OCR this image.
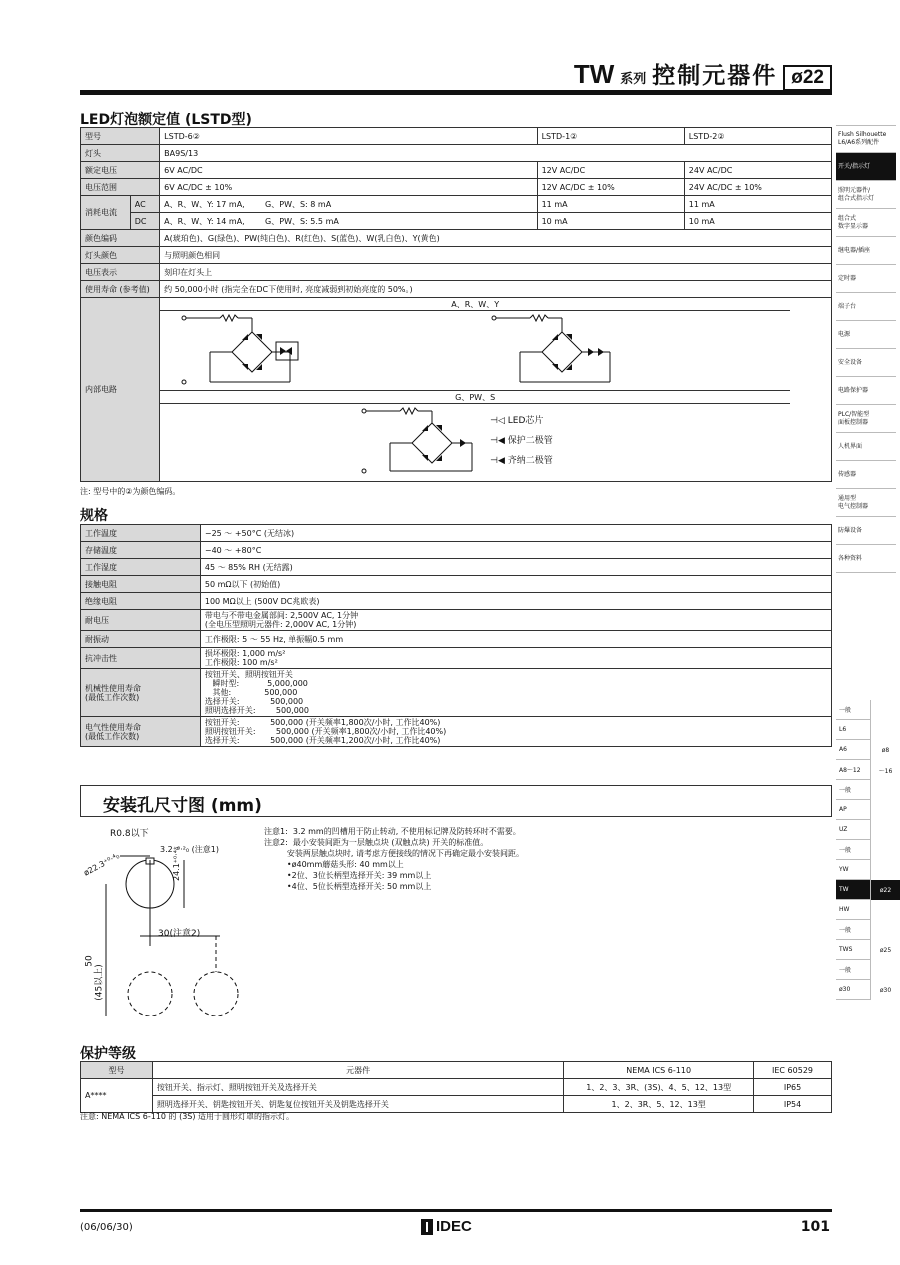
TW 系列 控制元器件 ø22
LED灯泡额定值 (LSTD型)
型号		LSTD-6②	LSTD-1②	LSTD-2②
灯头		BA9S/13		
额定电压		6V AC/DC	12V AC/DC	24V AC/DC
电压范围		6V AC/DC ± 10%	12V AC/DC ± 10%	24V AC/DC ± 10%
消耗电流	AC	A、R、W、Y: 17 mA,        G、PW、S: 8 mA	11 mA	11 mA
	DC	A、R、W、Y: 14 mA,        G、PW、S: 5.5 mA	10 mA	10 mA
颜色编码		A(琥珀色)、G(绿色)、PW(纯白色)、R(红色)、S(蓝色)、W(乳白色)、Y(黄色)		
灯头颜色		与照明颜色相同		
电压表示		刻印在灯头上		
使用寿命 (参考值)		约 50,000小时 (指完全在DC下使用时, 亮度减弱到初始亮度的 50%。)		
内部电路		A、R、W、Y
G、PW、S
⊣◁ LED芯片
⊣◀ 保护二极管
⊣◀ 齐纳二极管		
注: 型号中的②为颜色编码。
规格
工作温度	−25 ～ +50°C (无结冰)
存储温度	−40 ～ +80°C
工作湿度	45 ～ 85% RH (无结露)
接触电阻	50 mΩ以下 (初始值)
绝缘电阻	100 MΩ以上 (500V DC兆欧表)
耐电压	带电与不带电金属部间: 2,500V AC, 1分钟
(全电压型照明元器件: 2,000V AC, 1分钟)
耐振动	工作极限: 5 ～ 55 Hz, 单振幅0.5 mm
抗冲击性	损坏极限: 1,000 m/s²
工作极限: 100 m/s²
机械性使用寿命
(最低工作次数)	按钮开关、照明按钮开关
瞬时型:           5,000,000
其他:             500,000
选择开关:            500,000
照明选择开关:        500,000
电气性使用寿命
(最低工作次数)	按钮开关:            500,000 (开关频率1,800次/小时, 工作比40%)
照明按钮开关:        500,000 (开关频率1,800次/小时, 工作比40%)
选择开关:            500,000 (开关频率1,200次/小时, 工作比40%)
安装孔尺寸图 (mm)
R0.8以下
3.2⁺⁰·²₀ (注意1)
ø22.3⁺⁰·⁴₀	24.1⁺⁰·⁴₀
30(注意2)
50
(45以上)
注意1:  3.2 mm的凹槽用于防止转动, 不使用标记牌及防转环时不需要。
注意2:  最小安装间距为一层触点块 (双触点块) 开关的标准值。
安装两层触点块时, 请考虑方便接线的情况下再确定最小安装间距。
•ø40mm蘑菇头形: 40 mm以上
•2位、3位长柄型选择开关: 39 mm以上
•4位、5位长柄型选择开关: 50 mm以上
保护等级
型号	元器件	NEMA ICS 6-110	IEC 60529
A****	按钮开关、指示灯、照明按钮开关及选择开关	1、2、3、3R、(3S)、4、5、12、13型	IP65
	照明选择开关、钥匙按钮开关、钥匙复位按钮开关及钥匙选择开关	1、2、3R、5、12、13型	IP54
注意: NEMA ICS 6-110 的 (3S) 适用于圆形灯罩的指示灯。
Flush Silhouette
L6/A6系列配件
开关/指示灯
照明元器件/
组合式指示灯
组合式
数字显示器
继电器/插座
定时器
端子台
电源
安全设备
电路保护器
PLC/智能型
面板控制器
人机界面
传感器
通用型
电气控制器
防爆设备
各种资料
一般
L6
A6	ø8
A8〜12	〜16
一般
AP
UZ
一般
YW
TW	ø22
HW
一般
TWS	ø25
一般
ø30	ø30
(06/06/30)	IDEC	101
